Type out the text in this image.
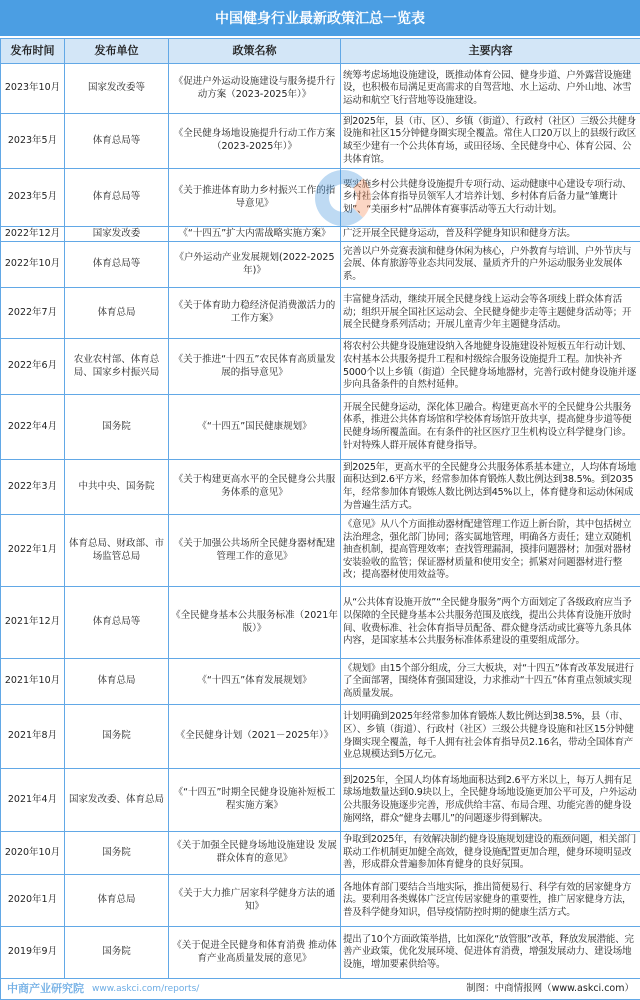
中国健身行业最新政策汇总一览表
发布时间	发布单位	政策名称	主要内容
2023年10月	国家发改委等	《促进户外运动设施建设与服务提升行动方案（2023-2025年）》	统筹考虑场地设施建设，既推动体育公园、健身步道、户外露营设施建设，也积极布局满足更高需求的自驾营地、水上运动、户外山地、冰雪运动和航空飞行营地等设施建设。
2023年5月	体育总局等	《全民健身场地设施提升行动工作方案（2023-2025年）》	到2025年，县（市、区）、乡镇（街道）、行政村（社区）三级公共健身设施和社区15分钟健身圈实现全覆盖。常住人口20万以上的县级行政区域至少建有一个公共体育场，或田径场、全民健身中心、体育公园、公共体育馆。
2023年5月	体育总局等	《关于推进体育助力乡村振兴工作的指导意见》	要实施乡村公共健身设施提升专项行动、运动健康中心建设专项行动、乡村社会体育指导员领军人才培养计划、乡村体育后备力量“雏鹰计划”、“美丽乡村”品牌体育赛事活动等五大行动计划。
2022年12月	国家发改委	《“十四五”扩大内需战略实施方案》	广泛开展全民健身运动，普及科学健身知识和健身方法。
2022年10月	体育总局等	《户外运动产业发展规划(2022-2025年)》	完善以户外竞赛表演和健身休闲为核心，户外教育与培训、户外节庆与会展、体育旅游等业态共同发展、量质齐升的户外运动服务业发展体系。
2022年7月	体育总局	《关于体育助力稳经济促消费激活力的工作方案》	丰富健身活动，继续开展全民健身线上运动会等各项线上群众体育活动；组织开展全国社区运动会、全民健身健步走等主题健身活动等；开展全民健身系列活动；开展儿童青少年主题健身活动。
2022年6月	农业农村部、体育总局、国家乡村振兴局	《关于推进“十四五”农民体育高质量发展的指导意见》	将农村公共健身设施建设纳入各地健身设施建设补短板五年行动计划、农村基本公共服务提升工程和村级综合服务设施提升工程。加快补齐5000个以上乡镇（街道）全民健身场地器材，完善行政村健身设施并逐步向具备条件的自然村延伸。
2022年4月	国务院	《“十四五”国民健康规划》	开展全民健身运动，深化体卫融合。构建更高水平的全民健身公共服务体系，推进公共体育场馆和学校体育场馆开放共享，提高健身步道等便民健身场所覆盖面。在有条件的社区医疗卫生机构设立科学健身门诊。针对特殊人群开展体育健身指导。
2022年3月	中共中央、国务院	《关于构建更高水平的全民健身公共服务体系的意见》	到2025年，更高水平的全民健身公共服务体系基本建立，人均体育场地面积达到2.6平方米，经常参加体育锻炼人数比例达到38.5%。到2035年，经常参加体育锻炼人数比例达到45%以上，体育健身和运动休闲成为普遍生活方式。
2022年1月	体育总局、财政部、市场监管总局	《关于加强公共场所全民健身器材配建管理工作的意见》	《意见》从八个方面推动器材配建管理工作迈上新台阶，其中包括树立法治理念，强化部门协同；落实属地管理，明确各方责任；建立双随机抽查机制，提高管理效率；查找管理漏洞，摸排问题器材；加强对器材安装验收的监管；保证器材质量和使用安全；抓紧对问题器材进行整改；提高器材使用效益等。
2021年12月	体育总局等	《全民健身基本公共服务标准（2021年版）》	从“公共体育设施开放”“全民健身服务”两个方面划定了各级政府应当予以保障的全民健身基本公共服务范围及底线，提出公共体育设施开放时间、收费标准、社会体育指导员配备、群众健身活动或比赛等九条具体内容，是国家基本公共服务标准体系建设的重要组成部分。
2021年10月	体育总局	《“十四五”体育发展规划》	《规划》由15个部分组成，分三大板块，对“十四五”体育改革发展进行了全面部署，围绕体育强国建设，力求推动“十四五”体育重点领域实现高质量发展。
2021年8月	国务院	《全民健身计划（2021－2025年）》	计划明确到2025年经常参加体育锻炼人数比例达到38.5%，县（市、区）、乡镇（街道）、行政村（社区）三级公共健身设施和社区15分钟健身圈实现全覆盖，每千人拥有社会体育指导员2.16名，带动全国体育产业总规模达到5万亿元。
2021年4月	国家发改委、体育总局	《“十四五”时期全民健身设施补短板工程实施方案》	到2025年，全国人均体育场地面积达到2.6平方米以上，每万人拥有足球场地数量达到0.9块以上，全民健身场地设施更加公平可及，户外运动公共服务设施逐步完善，形成供给丰富、布局合理、功能完善的健身设施网络，群众“健身去哪儿”的问题逐步得到解决。
2020年10月	国务院	《关于加强全民健身场地设施建设 发展群众体育的意见》	争取到2025年，有效解决制约健身设施规划建设的瓶颈问题，相关部门联动工作机制更加健全高效，健身设施配置更加合理，健身环境明显改善，形成群众普遍参加体育健身的良好氛围。
2020年1月	体育总局	《关于大力推广居家科学健身方法的通知》	各地体育部门要结合当地实际，推出简便易行、科学有效的居家健身方法。要利用各类媒体广泛宣传居家健身的重要性，推广居家健身方法，普及科学健身知识，倡导疫情防控时期的健康生活方式。
2019年9月	国务院	《关于促进全民健身和体育消费 推动体育产业高质量发展的意见》	提出了10个方面政策举措，比如深化“放管服”改革，释放发展潜能、完善产业政策，优化发展环境、促进体育消费，增强发展动力、建设场地设施，增加要素供给等。

中商产业研究院 www.askci.com/reports/ 制图：中商情报网（www.askci.com）			
